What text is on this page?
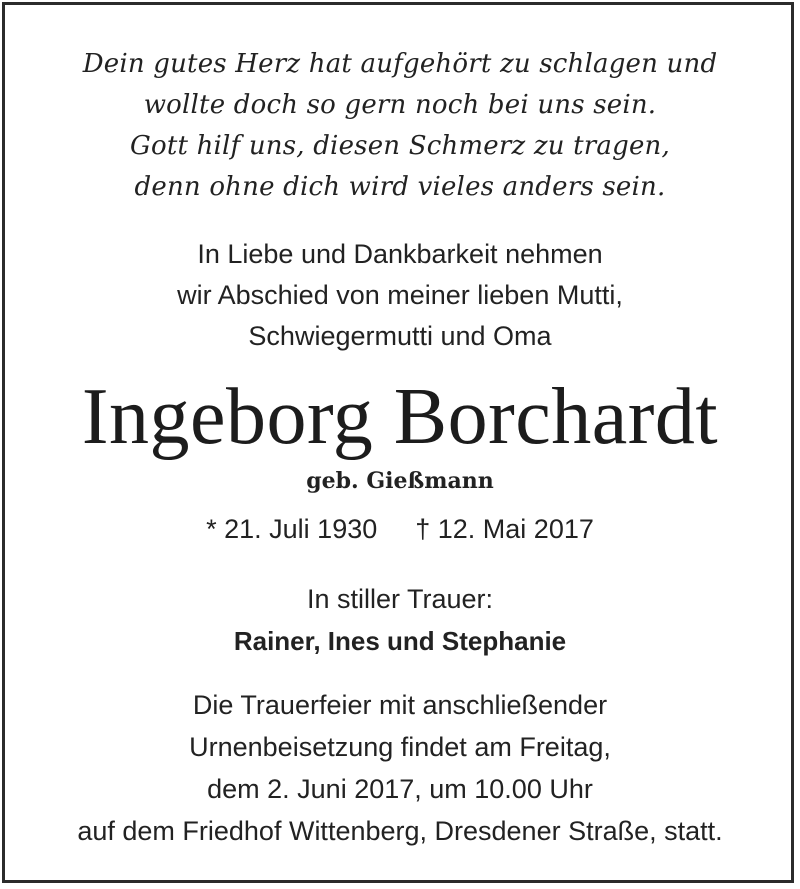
Dein gutes Herz hat aufgehört zu schlagen und
wollte doch so gern noch bei uns sein.
Gott hilf uns, diesen Schmerz zu tragen,
denn ohne dich wird vieles anders sein.
In Liebe und Dankbarkeit nehmen
wir Abschied von meiner lieben Mutti,
Schwiegermutti und Oma
Ingeborg Borchardt
geb. Gießmann
* 21. Juli 1930 † 12. Mai 2017
In stiller Trauer:
Rainer, Ines und Stephanie
Die Trauerfeier mit anschließender
Urnenbeisetzung findet am Freitag,
dem 2. Juni 2017, um 10.00 Uhr
auf dem Friedhof Wittenberg, Dresdener Straße, statt.
